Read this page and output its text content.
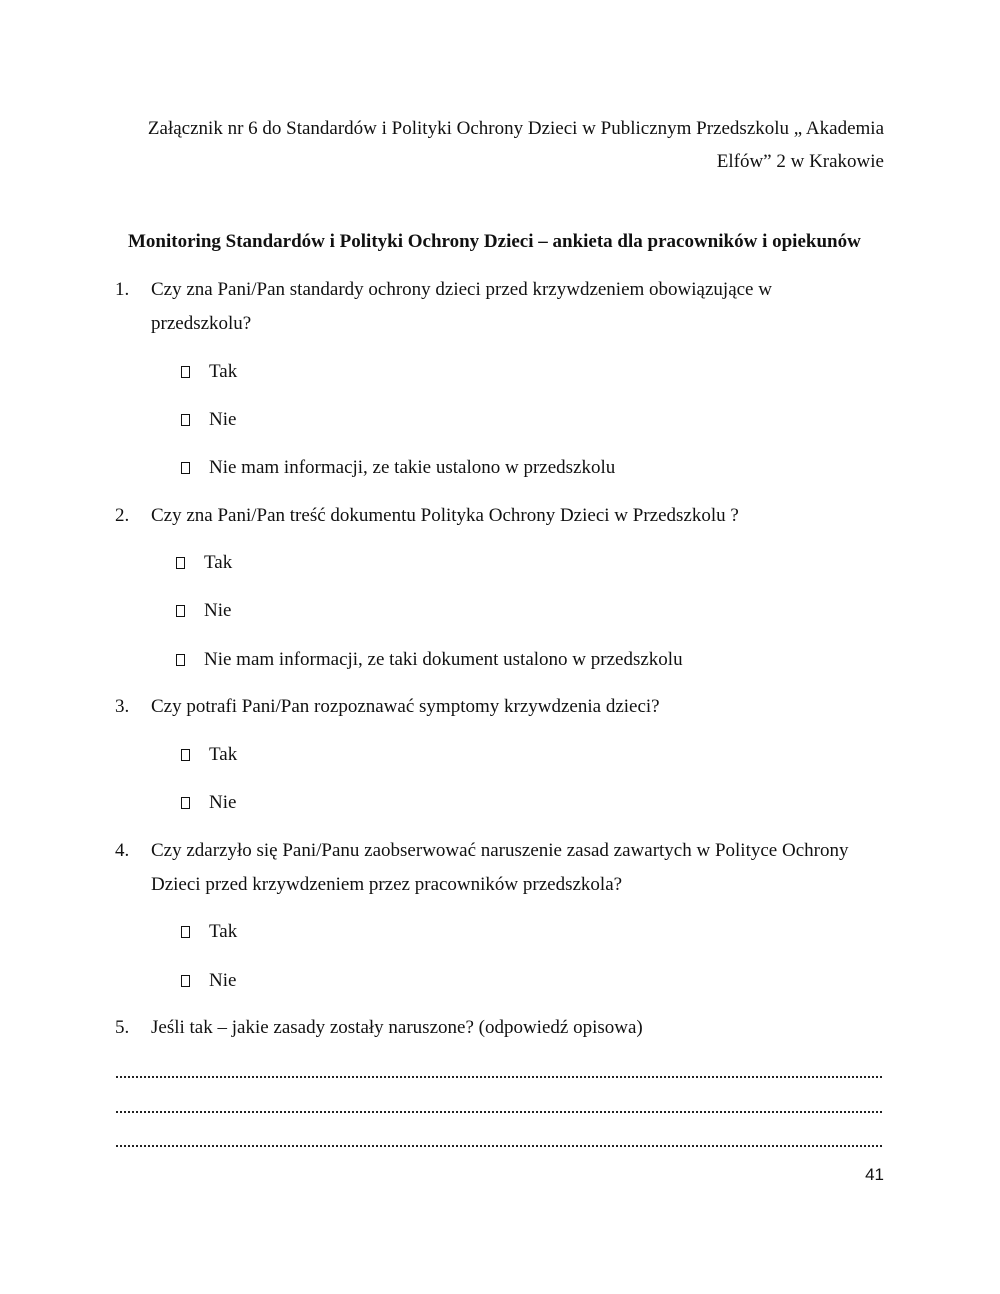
Załącznik nr 6 do Standardów i Polityki Ochrony Dzieci w Publicznym Przedszkolu „ Akademia
Elfów” 2 w Krakowie
Monitoring Standardów i Polityki Ochrony Dzieci – ankieta dla pracowników i opiekunów
1. Czy zna Pani/Pan standardy ochrony dzieci przed krzywdzeniem obowiązujące w
przedszkolu?
Tak
Nie
Nie mam informacji, ze takie ustalono w przedszkolu
2. Czy zna Pani/Pan treść dokumentu Polityka Ochrony Dzieci w Przedszkolu ?
Tak
Nie
Nie mam informacji, ze taki dokument ustalono w przedszkolu
3. Czy potrafi Pani/Pan rozpoznawać symptomy krzywdzenia dzieci?
Tak
Nie
4. Czy zdarzyło się Pani/Panu zaobserwować naruszenie zasad zawartych w Polityce Ochrony
Dzieci przed krzywdzeniem przez pracowników przedszkola?
Tak
Nie
5. Jeśli tak – jakie zasady zostały naruszone? (odpowiedź opisowa)
41
